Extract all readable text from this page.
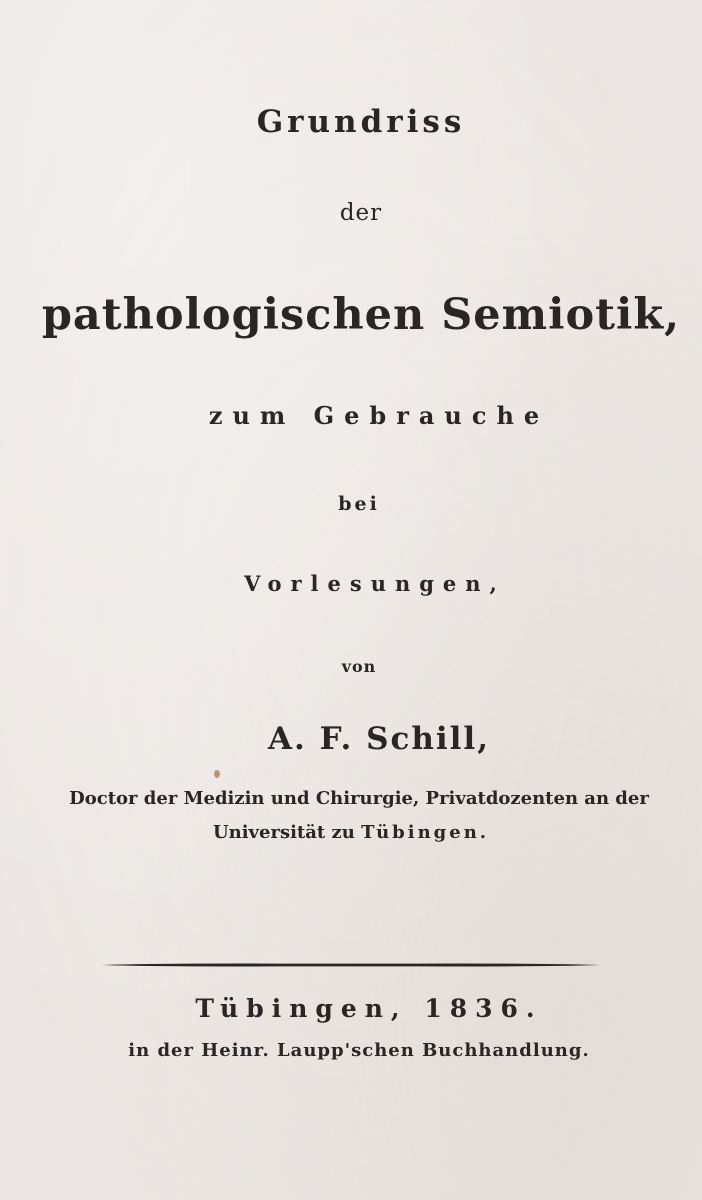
Grundriss
der
pathologischen Semiotik,
zum Gebrauche
bei
Vorlesungen,
von
A. F. Schill,
Doctor der Medizin und Chirurgie, Privatdozenten an der
Universität zu Tübingen.
Tübingen, 1836.
in der Heinr. Laupp'schen Buchhandlung.
